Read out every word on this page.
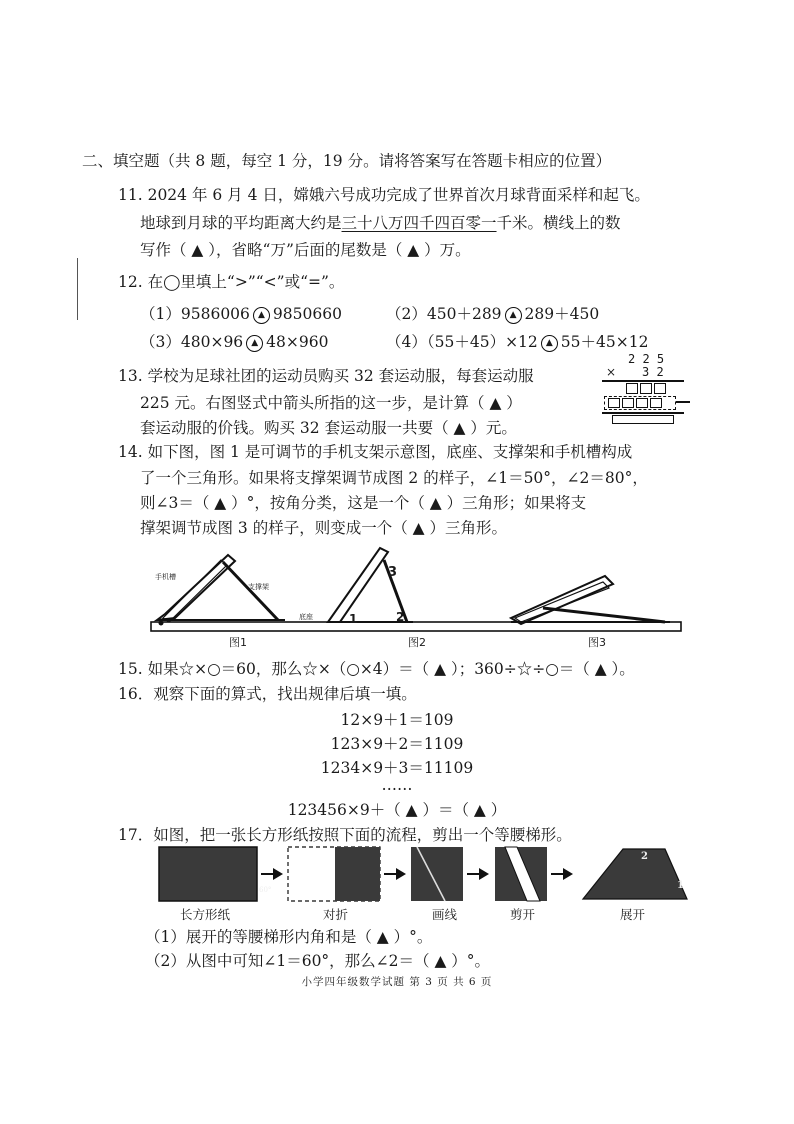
二、填空题（共 8 题，每空 1 分，19 分。请将答案写在答题卡相应的位置）
11. 2024 年 6 月 4 日，嫦娥六号成功完成了世界首次月球背面采样和起飞。
地球到月球的平均距离大约是三十八万四千四百零一千米。横线上的数
写作（ ▲ ），省略“万”后面的尾数是（ ▲ ）万。
12. 在◯里填上“>”“<”或“=”。
（1）9586006 ▲ 9850660	（2）450＋289 ▲ 289＋450
（3）480×96 ▲ 48×960	（4）（55＋45）×12 ▲ 55＋45×12
13. 学校为足球社团的运动员购买 32 套运动服，每套运动服
225 元。右图竖式中箭头所指的这一步，是计算（ ▲ ）
套运动服的价钱。购买 32 套运动服一共要（ ▲ ）元。
2 2 5
× 3 2
14. 如下图，图 1 是可调节的手机支架示意图，底座、支撑架和手机槽构成
了一个三角形。如果将支撑架调节成图 2 的样子，∠1＝50°，∠2＝80°，
则∠3＝（ ▲ ）°，按角分类，这是一个（ ▲ ）三角形；如果将支
撑架调节成图 3 的样子，则变成一个（ ▲ ）三角形。
手机槽
支撑架
底座
3
1	2
图1	图2	图3
15. 如果☆×○＝60，那么☆×（○×4）＝（ ▲ ）；360÷☆÷○＝（ ▲ ）。
16．观察下面的算式，找出规律后填一填。
12×9＋1＝109
123×9＋2＝1109
1234×9＋3＝11109
……
123456×9＋（ ▲ ）＝（ ▲ ）
17．如图，把一张长方形纸按照下面的流程，剪出一个等腰梯形。
60°	1
2
长方形纸	对折	画线	剪开	展开
（1）展开的等腰梯形内角和是（ ▲ ）°。
（2）从图中可知∠1＝60°，那么∠2＝（ ▲ ）°。
小学四年级数学试题 第 3 页 共 6 页
